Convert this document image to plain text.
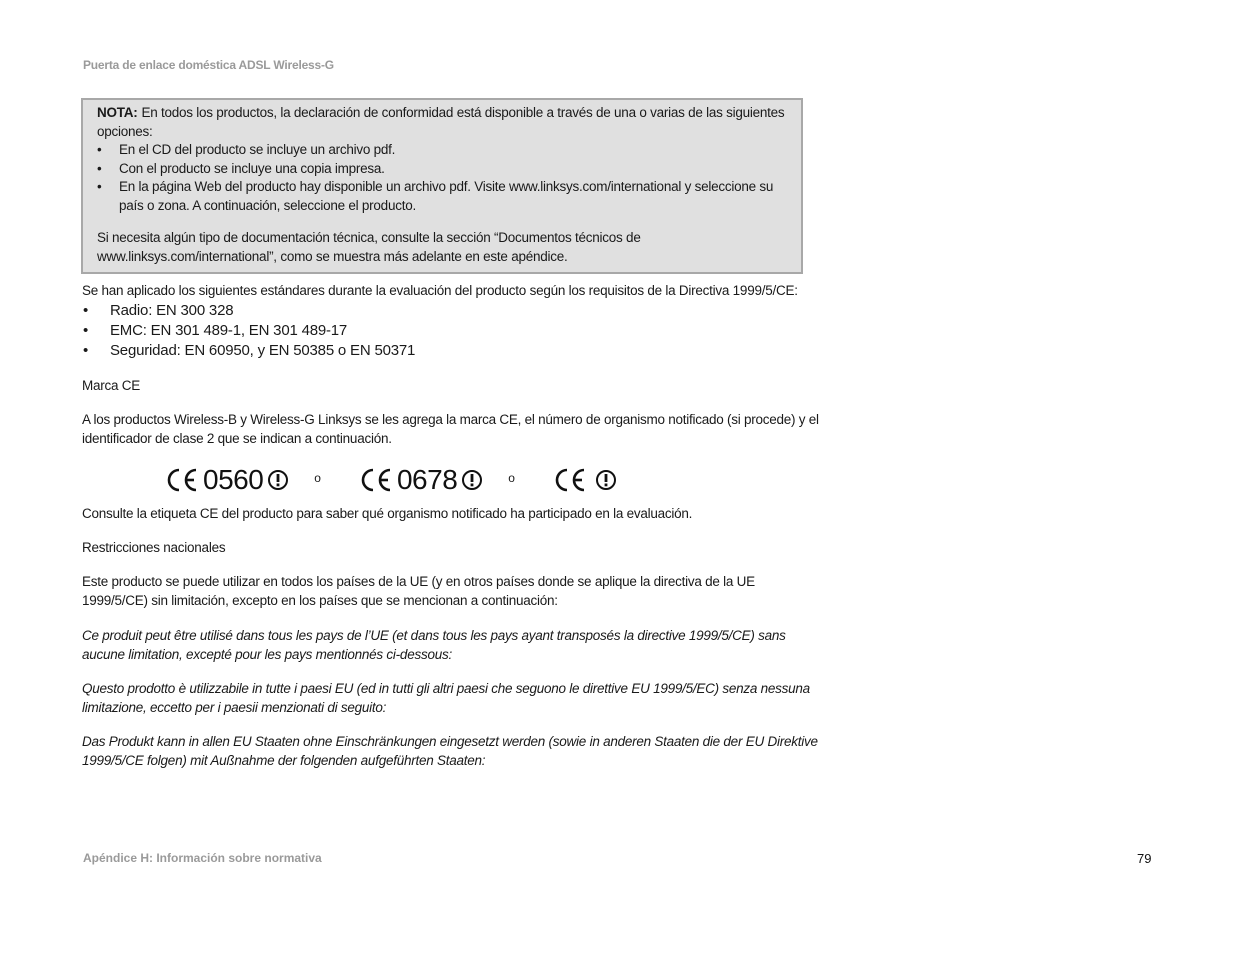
Puerta de enlace doméstica ADSL Wireless-G
NOTA: En todos los productos, la declaración de conformidad está disponible a través de una o varias de las siguientes opciones:
• En el CD del producto se incluye un archivo pdf.
• Con el producto se incluye una copia impresa.
• En la página Web del producto hay disponible un archivo pdf. Visite www.linksys.com/international y seleccione su país o zona. A continuación, seleccione el producto.
Si necesita algún tipo de documentación técnica, consulte la sección “Documentos técnicos de www.linksys.com/international”, como se muestra más adelante en este apéndice.
Se han aplicado los siguientes estándares durante la evaluación del producto según los requisitos de la Directiva 1999/5/CE:
• Radio: EN 300 328
• EMC: EN 301 489-1, EN 301 489-17
• Seguridad: EN 60950, y EN 50385 o EN 50371
Marca CE
A los productos Wireless-B y Wireless-G Linksys se les agrega la marca CE, el número de organismo notificado (si procede) y el identificador de clase 2 que se indican a continuación.
0560	o	0678	o
Consulte la etiqueta CE del producto para saber qué organismo notificado ha participado en la evaluación.
Restricciones nacionales
Este producto se puede utilizar en todos los países de la UE (y en otros países donde se aplique la directiva de la UE 1999/5/CE) sin limitación, excepto en los países que se mencionan a continuación:
Ce produit peut être utilisé dans tous les pays de l’UE (et dans tous les pays ayant transposés la directive 1999/5/CE) sans aucune limitation, excepté pour les pays mentionnés ci-dessous:
Questo prodotto è utilizzabile in tutte i paesi EU (ed in tutti gli altri paesi che seguono le direttive EU 1999/5/EC) senza nessuna limitazione, eccetto per i paesii menzionati di seguito:
Das Produkt kann in allen EU Staaten ohne Einschränkungen eingesetzt werden (sowie in anderen Staaten die der EU Direktive 1999/5/CE folgen) mit Außnahme der folgenden aufgeführten Staaten:
Apéndice H: Información sobre normativa	79
